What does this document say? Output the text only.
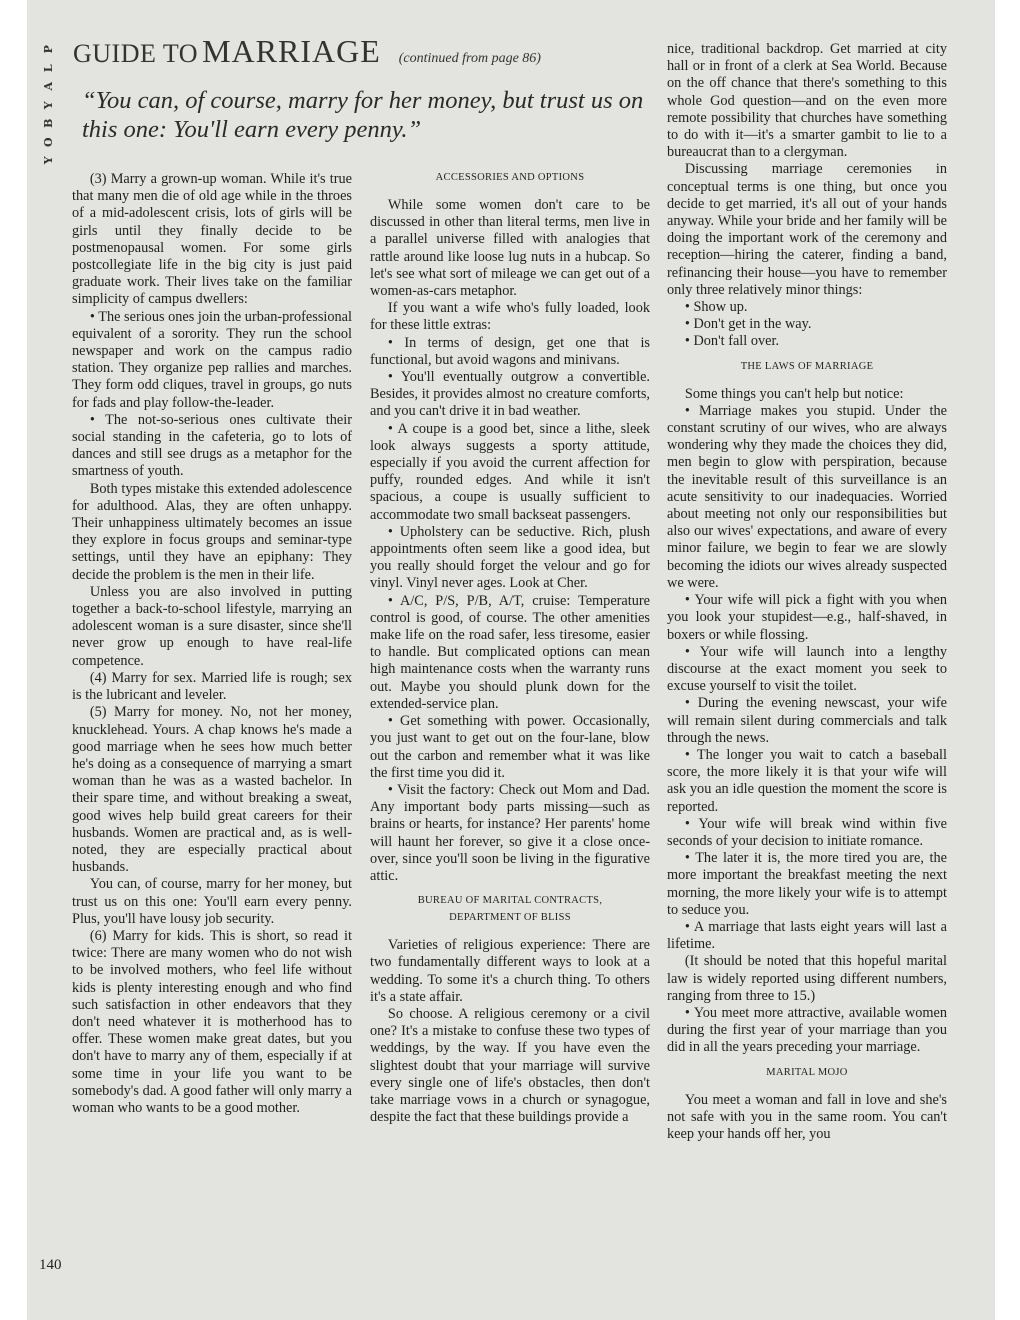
P
L
A
Y
B
O
Y
GUIDE TO MARRIAGE (continued from page 86)
“You can, of course, marry for her money, but trust us on this one: You'll earn every penny.”

(3) Marry a grown-up woman. While it's true that many men die of old age while in the throes of a mid-adolescent crisis, lots of girls will be girls until they finally decide to be postmenopausal women. For some girls postcollegiate life in the big city is just paid graduate work. Their lives take on the familiar simplicity of campus dwellers:

• The serious ones join the urban-professional equivalent of a sorority. They run the school newspaper and work on the campus radio station. They organize pep rallies and marches. They form odd cliques, travel in groups, go nuts for fads and play follow-the-leader.

• The not-so-serious ones cultivate their social standing in the cafeteria, go to lots of dances and still see drugs as a metaphor for the smartness of youth.

Both types mistake this extended adolescence for adulthood. Alas, they are often unhappy. Their unhappiness ultimately becomes an issue they explore in focus groups and seminar-type settings, until they have an epiphany: They decide the problem is the men in their life.

Unless you are also involved in putting together a back-to-school lifestyle, marrying an adolescent woman is a sure disaster, since she'll never grow up enough to have real-life competence.

(4) Marry for sex. Married life is rough; sex is the lubricant and leveler.

(5) Marry for money. No, not her money, knucklehead. Yours. A chap knows he's made a good marriage when he sees how much better he's doing as a consequence of marrying a smart woman than he was as a wasted bachelor. In their spare time, and without breaking a sweat, good wives help build great careers for their husbands. Women are practical and, as is well-noted, they are especially practical about husbands.

You can, of course, marry for her money, but trust us on this one: You'll earn every penny. Plus, you'll have lousy job security.

(6) Marry for kids. This is short, so read it twice: There are many women who do not wish to be involved mothers, who feel life without kids is plenty interesting enough and who find such satisfaction in other endeavors that they don't need whatever it is motherhood has to offer. These women make great dates, but you don't have to marry any of them, especially if at some time in your life you want to be somebody's dad. A good father will only marry a woman who wants to be a good mother.

ACCESSORIES AND OPTIONS

While some women don't care to be discussed in other than literal terms, men live in a parallel universe filled with analogies that rattle around like loose lug nuts in a hubcap. So let's see what sort of mileage we can get out of a women-as-cars metaphor.

If you want a wife who's fully loaded, look for these little extras:

• In terms of design, get one that is functional, but avoid wagons and minivans.

• You'll eventually outgrow a convertible. Besides, it provides almost no creature comforts, and you can't drive it in bad weather.

• A coupe is a good bet, since a lithe, sleek look always suggests a sporty attitude, especially if you avoid the current affection for puffy, rounded edges. And while it isn't spacious, a coupe is usually sufficient to accommodate two small backseat passengers.

• Upholstery can be seductive. Rich, plush appointments often seem like a good idea, but you really should forget the velour and go for vinyl. Vinyl never ages. Look at Cher.

• A/C, P/S, P/B, A/T, cruise: Temperature control is good, of course. The other amenities make life on the road safer, less tiresome, easier to handle. But complicated options can mean high maintenance costs when the warranty runs out. Maybe you should plunk down for the extended-service plan.

• Get something with power. Occasionally, you just want to get out on the four-lane, blow out the carbon and remember what it was like the first time you did it.

• Visit the factory: Check out Mom and Dad. Any important body parts missing—such as brains or hearts, for instance? Her parents' home will haunt her forever, so give it a close once-over, since you'll soon be living in the figurative attic.

BUREAU OF MARITAL CONTRACTS, DEPARTMENT OF BLISS

Varieties of religious experience: There are two fundamentally different ways to look at a wedding. To some it's a church thing. To others it's a state affair.

So choose. A religious ceremony or a civil one? It's a mistake to confuse these two types of weddings, by the way. If you have even the slightest doubt that your marriage will survive every single one of life's obstacles, then don't take marriage vows in a church or synagogue, despite the fact that these buildings provide a

nice, traditional backdrop. Get married at city hall or in front of a clerk at Sea World. Because on the off chance that there's something to this whole God question—and on the even more remote possibility that churches have something to do with it—it's a smarter gambit to lie to a bureaucrat than to a clergyman.

Discussing marriage ceremonies in conceptual terms is one thing, but once you decide to get married, it's all out of your hands anyway. While your bride and her family will be doing the important work of the ceremony and reception—hiring the caterer, finding a band, refinancing their house—you have to remember only three relatively minor things:

• Show up.

• Don't get in the way.

• Don't fall over.

THE LAWS OF MARRIAGE

Some things you can't help but notice:

• Marriage makes you stupid. Under the constant scrutiny of our wives, who are always wondering why they made the choices they did, men begin to glow with perspiration, because the inevitable result of this surveillance is an acute sensitivity to our inadequacies. Worried about meeting not only our responsibilities but also our wives' expectations, and aware of every minor failure, we begin to fear we are slowly becoming the idiots our wives already suspected we were.

• Your wife will pick a fight with you when you look your stupidest—e.g., half-shaved, in boxers or while flossing.

• Your wife will launch into a lengthy discourse at the exact moment you seek to excuse yourself to visit the toilet.

• During the evening newscast, your wife will remain silent during commercials and talk through the news.

• The longer you wait to catch a baseball score, the more likely it is that your wife will ask you an idle question the moment the score is reported.

• Your wife will break wind within five seconds of your decision to initiate romance.

• The later it is, the more tired you are, the more important the breakfast meeting the next morning, the more likely your wife is to attempt to seduce you.

• A marriage that lasts eight years will last a lifetime.

(It should be noted that this hopeful marital law is widely reported using different numbers, ranging from three to 15.)

• You meet more attractive, available women during the first year of your marriage than you did in all the years preceding your marriage.

MARITAL MOJO

You meet a woman and fall in love and she's not safe with you in the same room. You can't keep your hands off her, you

140
